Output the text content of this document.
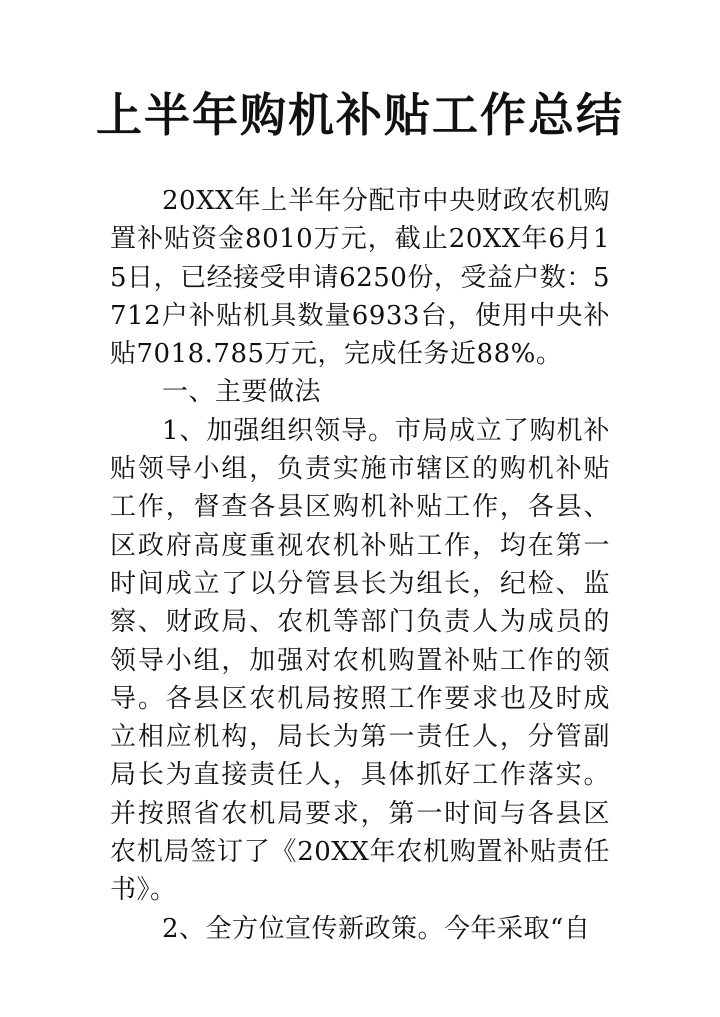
上半年购机补贴工作总结

20XX年上半年分配市中央财政农机购置补贴资金8010万元，截止20XX年6月15日，已经接受申请6250份，受益户数：5712户补贴机具数量6933台，使用中央补贴7018.785万元，完成任务近88%。

一、主要做法

1、加强组织领导。市局成立了购机补贴领导小组，负责实施市辖区的购机补贴工作，督查各县区购机补贴工作，各县、区政府高度重视农机补贴工作，均在第一时间成立了以分管县长为组长，纪检、监察、财政局、农机等部门负责人为成员的领导小组，加强对农机购置补贴工作的领导。各县区农机局按照工作要求也及时成立相应机构，局长为第一责任人，分管副局长为直接责任人，具体抓好工作落实。并按照省农机局要求，第一时间与各县区农机局签订了《20XX年农机购置补贴责任书》。

2、全方位宣传新政策。今年采取“自
